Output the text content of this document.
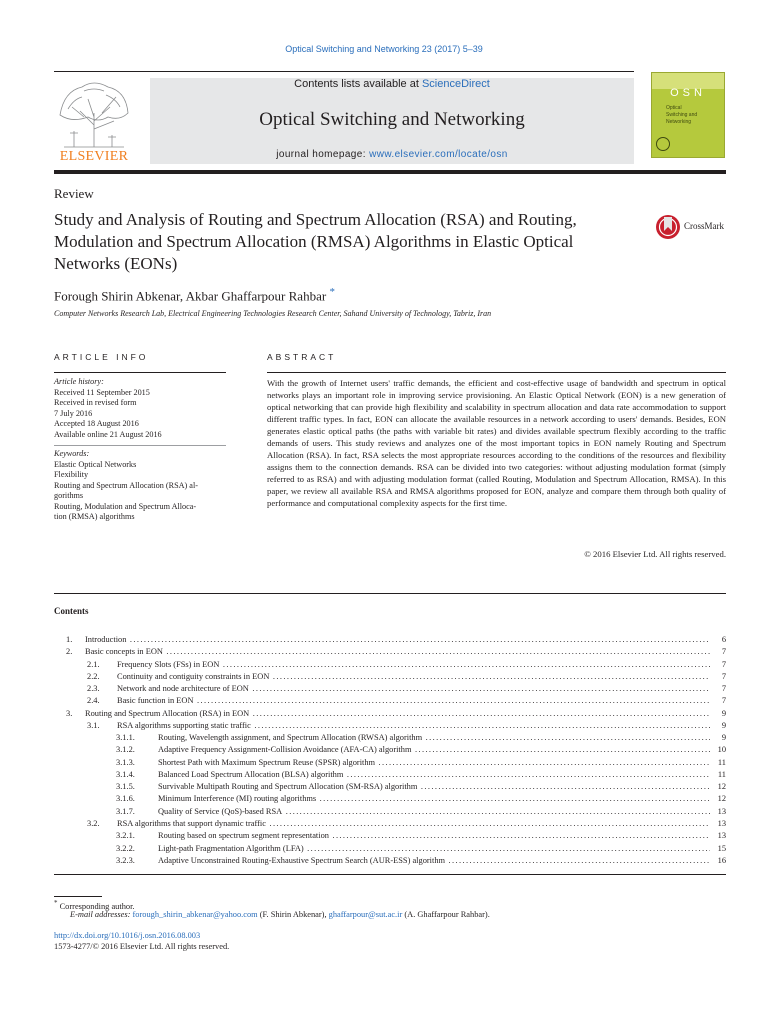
Optical Switching and Networking 23 (2017) 5–39
ELSEVIER
Contents lists available at ScienceDirect
Optical Switching and Networking
journal homepage: www.elsevier.com/locate/osn
OSN
Optical
Switching and
Networking
Review
Study and Analysis of Routing and Spectrum Allocation (RSA) and Routing, Modulation and Spectrum Allocation (RMSA) Algorithms in Elastic Optical Networks (EONs)
CrossMark
Forough Shirin Abkenar, Akbar Ghaffarpour Rahbar *
Computer Networks Research Lab, Electrical Engineering Technologies Research Center, Sahand University of Technology, Tabriz, Iran
ARTICLE INFO	ABSTRACT
Article history:
Received 11 September 2015
Received in revised form
7 July 2016
Accepted 18 August 2016
Available online 21 August 2016
Keywords:
Elastic Optical Networks
Flexibility
Routing and Spectrum Allocation (RSA) al-
gorithms
Routing, Modulation and Spectrum Alloca-
tion (RMSA) algorithms
With the growth of Internet users' traffic demands, the efficient and cost-effective usage of bandwidth and spectrum in optical networks plays an important role in improving service provisioning. An Elastic Optical Network (EON) is a new generation of optical networking that can provide high flexibility and scalability in spectrum allocation and data rate accommodation to support different traffic types. In fact, EON can allocate the available resources in a network according to users' demands. Besides, EON generates elastic optical paths (the paths with variable bit rates) and divides available spectrum flexibly according to the traffic demands of users. This study reviews and analyzes one of the most important topics in EON namely Routing and Spectrum Allocation (RSA). In fact, RSA selects the most appropriate resources according to the conditions of the resources and flexibility assigns them to the connection demands. RSA can be divided into two categories: without adjusting modulation format (simply referred to as RSA) and with adjusting modulation format (called Routing, Modulation and Spectrum Allocation, RMSA). In this paper, we review all available RSA and RMSA algorithms proposed for EON, analyze and compare them through both quality of performance and computational complexity aspects for the first time.
© 2016 Elsevier Ltd. All rights reserved.
Contents
1. Introduction .....	6
2. Basic concepts in EON .....	7
2.1. Frequency Slots (FSs) in EON .....	7
2.2. Continuity and contiguity constraints in EON .....	7
2.3. Network and node architecture of EON .....	7
2.4. Basic function in EON .....	7
3. Routing and Spectrum Allocation (RSA) in EON .....	9
3.1. RSA algorithms supporting static traffic .....	9
3.1.1.	Routing, Wavelength assignment, and Spectrum Allocation (RWSA) algorithm .....	9
3.1.2.	Adaptive Frequency Assignment-Collision Avoidance (AFA-CA) algorithm .....	10
3.1.3.	Shortest Path with Maximum Spectrum Reuse (SPSR) algorithm .....	11
3.1.4.	Balanced Load Spectrum Allocation (BLSA) algorithm .....	11
3.1.5.	Survivable Multipath Routing and Spectrum Allocation (SM-RSA) algorithm .....	12
3.1.6.	Minimum Interference (MI) routing algorithms .....	12
3.1.7.	Quality of Service (QoS)-based RSA .....	13
3.2. RSA algorithms that support dynamic traffic .....	13
3.2.1.	Routing based on spectrum segment representation .....	13
3.2.2.	Light-path Fragmentation Algorithm (LFA) .....	15
3.2.3.	Adaptive Unconstrained Routing-Exhaustive Spectrum Search (AUR-ESS) algorithm .....	16
* Corresponding author.
E-mail addresses: forough_shirin_abkenar@yahoo.com (F. Shirin Abkenar), ghaffarpour@sut.ac.ir (A. Ghaffarpour Rahbar).
http://dx.doi.org/10.1016/j.osn.2016.08.003
1573-4277/© 2016 Elsevier Ltd. All rights reserved.
